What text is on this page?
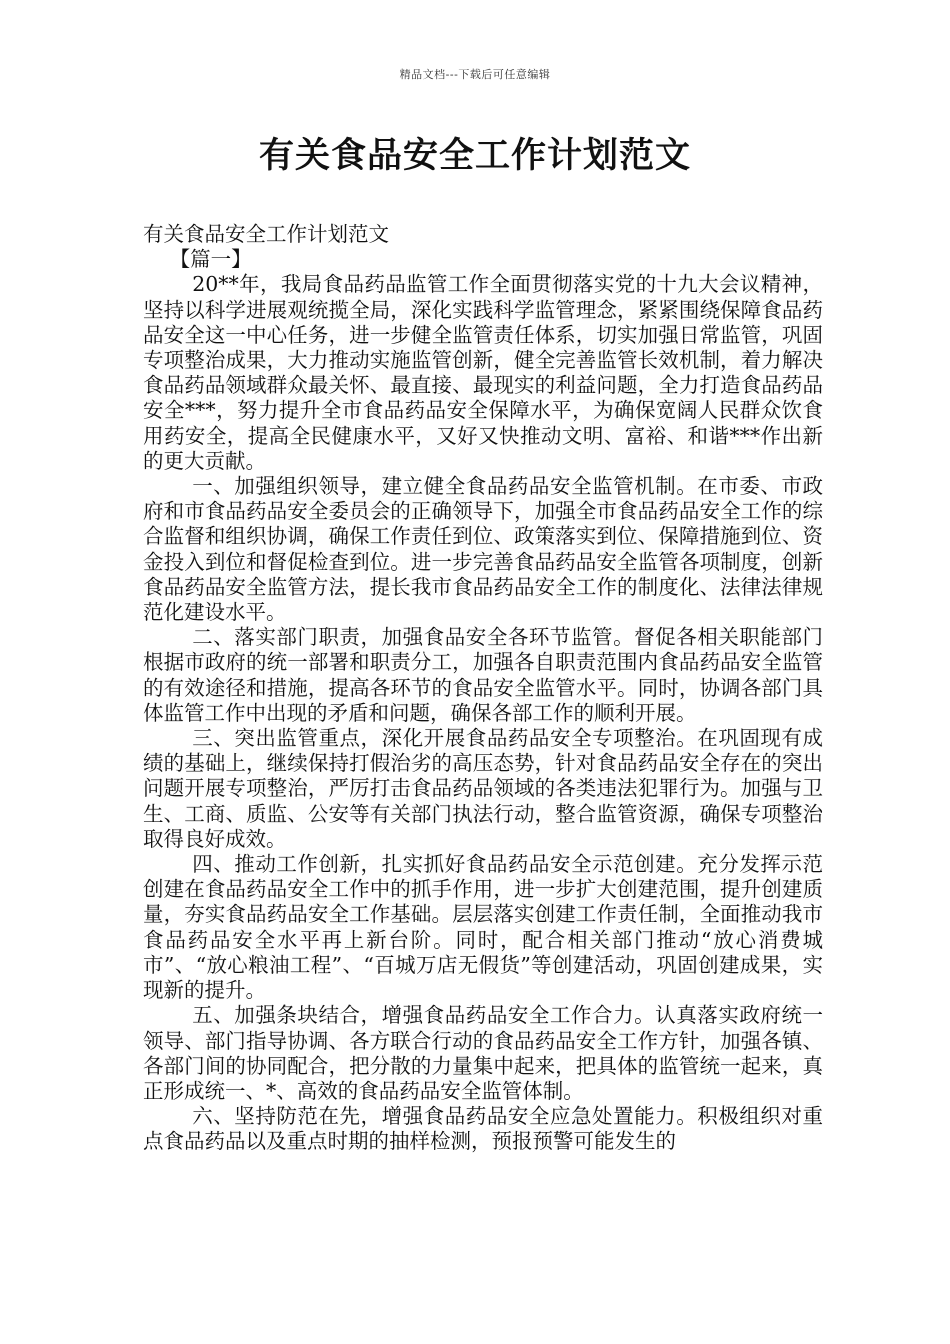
精品文档---下载后可任意编辑
有关食品安全工作计划范文

有关食品安全工作计划范文

【篇一】

20**年，我局食品药品监管工作全面贯彻落实党的十九大会议精神，坚持以科学进展观统揽全局，深化实践科学监管理念，紧紧围绕保障食品药品安全这一中心任务，进一步健全监管责任体系，切实加强日常监管，巩固专项整治成果，大力推动实施监管创新，健全完善监管长效机制，着力解决食品药品领域群众最关怀、最直接、最现实的利益问题，全力打造食品药品安全***，努力提升全市食品药品安全保障水平，为确保宽阔人民群众饮食用药安全，提高全民健康水平，又好又快推动文明、富裕、和谐***作出新的更大贡献。

一、加强组织领导，建立健全食品药品安全监管机制。在市委、市政府和市食品药品安全委员会的正确领导下，加强全市食品药品安全工作的综合监督和组织协调，确保工作责任到位、政策落实到位、保障措施到位、资金投入到位和督促检查到位。进一步完善食品药品安全监管各项制度，创新食品药品安全监管方法，提长我市食品药品安全工作的制度化、法律法律规范化建设水平。

二、落实部门职责，加强食品安全各环节监管。督促各相关职能部门根据市政府的统一部署和职责分工，加强各自职责范围内食品药品安全监管的有效途径和措施，提高各环节的食品安全监管水平。同时，协调各部门具体监管工作中出现的矛盾和问题，确保各部工作的顺利开展。

三、突出监管重点，深化开展食品药品安全专项整治。在巩固现有成绩的基础上，继续保持打假治劣的高压态势，针对食品药品安全存在的突出问题开展专项整治，严厉打击食品药品领域的各类违法犯罪行为。加强与卫生、工商、质监、公安等有关部门执法行动，整合监管资源，确保专项整治取得良好成效。

四、推动工作创新，扎实抓好食品药品安全示范创建。充分发挥示范创建在食品药品安全工作中的抓手作用，进一步扩大创建范围，提升创建质量，夯实食品药品安全工作基础。层层落实创建工作责任制，全面推动我市食品药品安全水平再上新台阶。同时，配合相关部门推动“放心消费城市”、“放心粮油工程”、“百城万店无假货”等创建活动，巩固创建成果，实现新的提升。

五、加强条块结合，增强食品药品安全工作合力。认真落实政府统一领导、部门指导协调、各方联合行动的食品药品安全工作方针，加强各镇、各部门间的协同配合，把分散的力量集中起来，把具体的监管统一起来，真正形成统一、*、高效的食品药品安全监管体制。

六、坚持防范在先，增强食品药品安全应急处置能力。积极组织对重点食品药品以及重点时期的抽样检测，预报预警可能发生的
